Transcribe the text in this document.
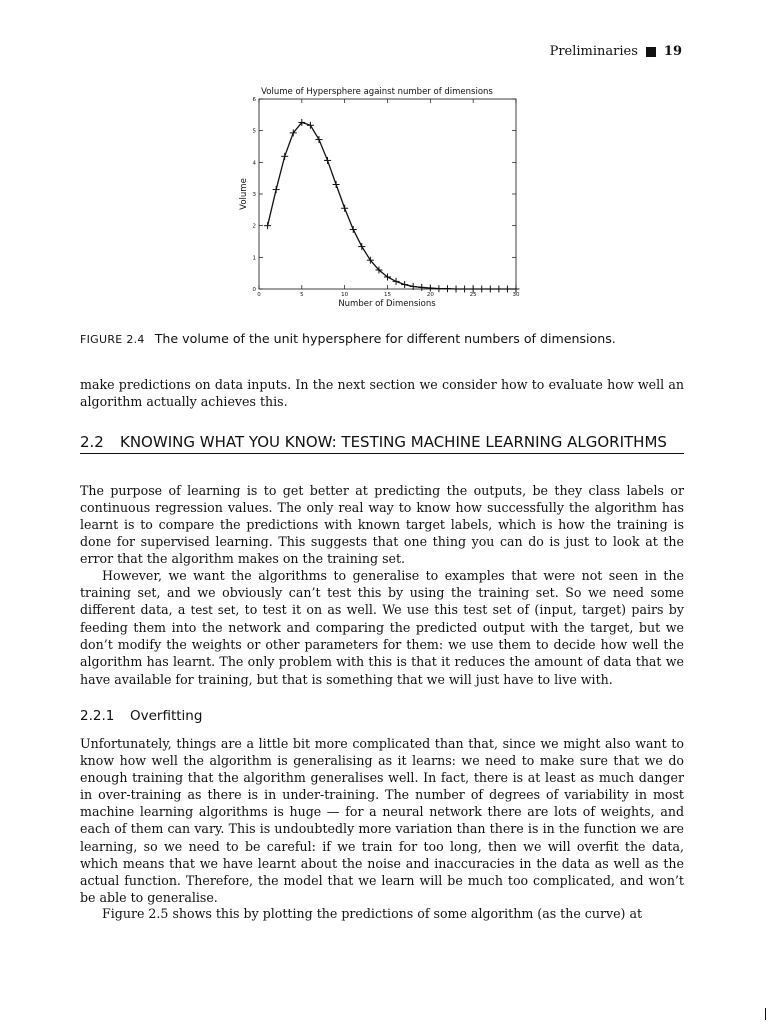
Preliminaries 19
Volume of Hypersphere against number of dimensions
0
1
2
3
4
5
6
0	5	10	15	20	25	30
Number of Dimensions
Volume
FIGURE 2.4 The volume of the unit hypersphere for different numbers of dimensions.

make predictions on data inputs. In the next section we consider how to evaluate how well an algorithm actually achieves this.

2.2	KNOWING WHAT YOU KNOW: TESTING MACHINE LEARNING ALGORITHMS

The purpose of learning is to get better at predicting the outputs, be they class labels or continuous regression values. The only real way to know how successfully the algorithm has learnt is to compare the predictions with known target labels, which is how the training is done for supervised learning. This suggests that one thing you can do is just to look at the error that the algorithm makes on the training set.

However, we want the algorithms to generalise to examples that were not seen in the training set, and we obviously can’t test this by using the training set. So we need some different data, a test set, to test it on as well. We use this test set of (input, target) pairs by feeding them into the network and comparing the predicted output with the target, but we don’t modify the weights or other parameters for them: we use them to decide how well the algorithm has learnt. The only problem with this is that it reduces the amount of data that we have available for training, but that is something that we will just have to live with.

2.2.1	Overfitting

Unfortunately, things are a little bit more complicated than that, since we might also want to know how well the algorithm is generalising as it learns: we need to make sure that we do enough training that the algorithm generalises well. In fact, there is at least as much danger in over-training as there is in under-training. The number of degrees of variability in most machine learning algorithms is huge — for a neural network there are lots of weights, and each of them can vary. This is undoubtedly more variation than there is in the function we are learning, so we need to be careful: if we train for too long, then we will overfit the data, which means that we have learnt about the noise and inaccuracies in the data as well as the actual function. Therefore, the model that we learn will be much too complicated, and won’t be able to generalise.

Figure 2.5 shows this by plotting the predictions of some algorithm (as the curve) at
